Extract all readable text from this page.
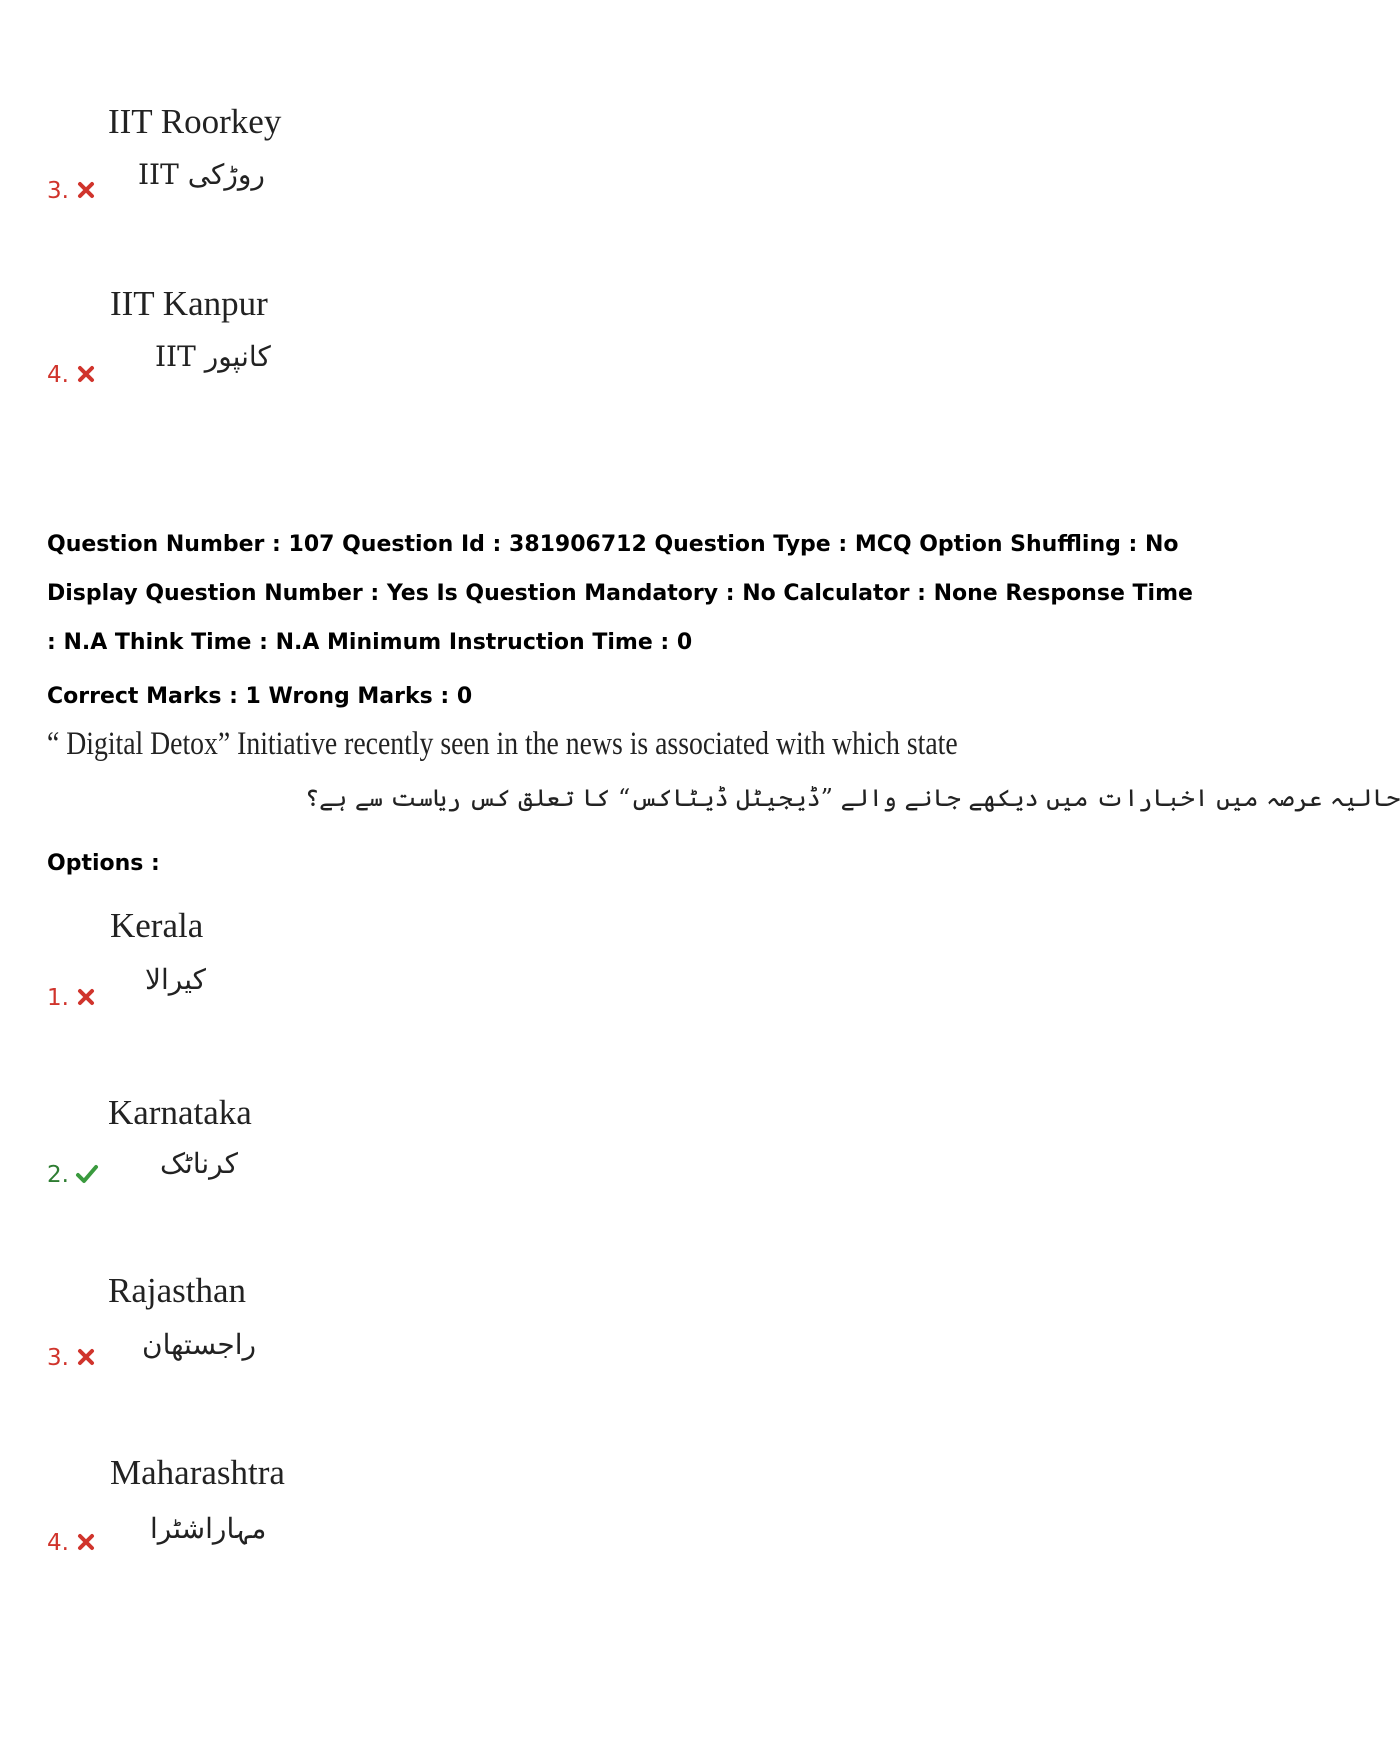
IIT Roorkey
روڑکی IIT
3.
IIT Kanpur
کانپور IIT
4.
Question Number : 107 Question Id : 381906712 Question Type : MCQ Option Shuffling : No
Display Question Number : Yes Is Question Mandatory : No Calculator : None Response Time
: N.A Think Time : N.A Minimum Instruction Time : 0
Correct Marks : 1 Wrong Marks : 0
“ Digital Detox” Initiative recently seen in the news is associated with which state
حالیہ عرصہ میں اخبارات میں دیکھے جانے والے ”ڈیجیٹل ڈیٹاکس“ کا تعلق کس ریاست سے ہے؟
Options :
Kerala
کیرالا
1.
Karnataka
کرناٹک
2.
Rajasthan
راجستھان
3.
Maharashtra
مہاراشٹرا
4.
